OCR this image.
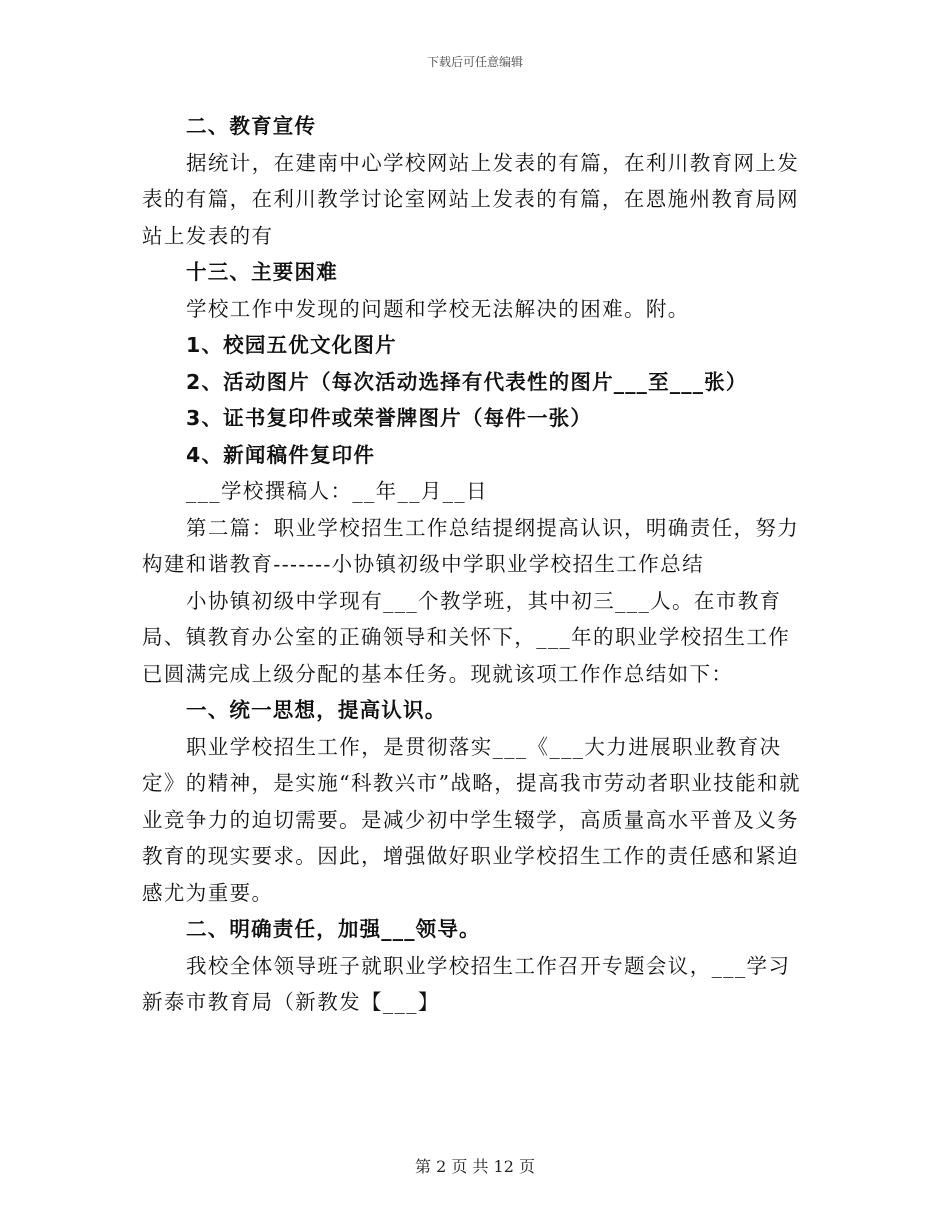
下载后可任意编辑

二、教育宣传

据统计，在建南中心学校网站上发表的有篇，在利川教育网上发表的有篇，在利川教学讨论室网站上发表的有篇，在恩施州教育局网站上发表的有

十三、主要困难

学校工作中发现的问题和学校无法解决的困难。附。

1、校园五优文化图片

2、活动图片（每次活动选择有代表性的图片___至___张）

3、证书复印件或荣誉牌图片（每件一张）

4、新闻稿件复印件

___学校撰稿人：__年__月__日

第二篇：职业学校招生工作总结提纲提高认识，明确责任，努力构建和谐教育-------小协镇初级中学职业学校招生工作总结

小协镇初级中学现有___个教学班，其中初三___人。在市教育局、镇教育办公室的正确领导和关怀下，___年的职业学校招生工作已圆满完成上级分配的基本任务。现就该项工作作总结如下：

一、统一思想，提高认识。

职业学校招生工作，是贯彻落实___《___大力进展职业教育决定》的精神，是实施“科教兴市”战略，提高我市劳动者职业技能和就业竞争力的迫切需要。是减少初中学生辍学，高质量高水平普及义务教育的现实要求。因此，增强做好职业学校招生工作的责任感和紧迫感尤为重要。

二、明确责任，加强___领导。

我校全体领导班子就职业学校招生工作召开专题会议，___学习新泰市教育局（新教发【___】

第 2 页 共 12 页
